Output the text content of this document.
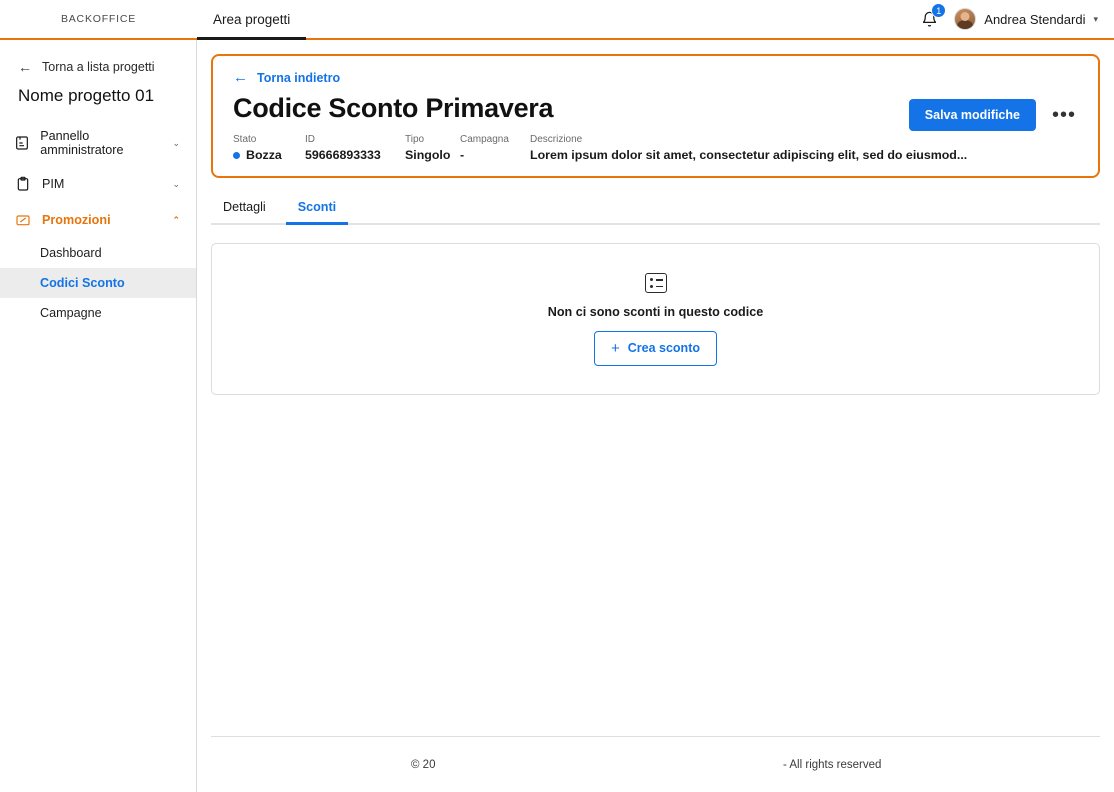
BACKOFFICE	Area progetti
1
Andrea Stendardi ▾
← Torna a lista progetti
Nome progetto 01
Pannello amministratore
⌄
PIM	⌄
Promozioni	⌃
Dashboard
Codici Sconto
Campagne
← Torna indietro
Codice Sconto Primavera	Salva modifiche	•••
Stato
Bozza
ID
59666893333
Tipo
Singolo
Campagna
-
Descrizione
Lorem ipsum dolor sit amet, consectetur adipiscing elit, sed do eiusmod...
Dettagli	Sconti
Non ci sono sconti in questo codice
+ Crea sconto
© 20	- All rights reserved
